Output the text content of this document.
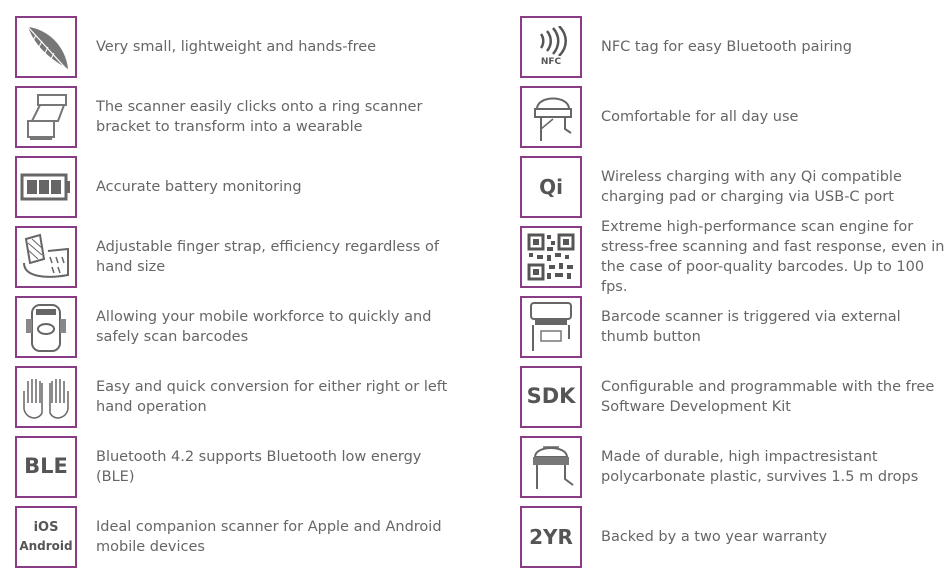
Very small, lightweight and hands-free
The scanner easily clicks onto a ring scanner bracket to transform into a wearable
Accurate battery monitoring
Adjustable finger strap, efficiency regardless of hand size
Allowing your mobile workforce to quickly and safely scan barcodes
Easy and quick conversion for either right or left hand operation
BLE Bluetooth 4.2 supports Bluetooth low energy (BLE)
iOS
Android
Ideal companion scanner for Apple and Android mobile devices
NFC
NFC tag for easy Bluetooth pairing
Comfortable for all day use
Qi	Wireless charging with any Qi compatible charging pad or charging via USB-C port
Extreme high-performance scan engine for stress-free scanning and fast response, even in the case of poor-quality barcodes. Up to 100 fps.
Barcode scanner is triggered via external thumb button
SDK Configurable and programmable with the free Software Development Kit
Made of durable, high impactresistant polycarbonate plastic, survives 1.5 m drops
2YR Backed by a two year warranty
